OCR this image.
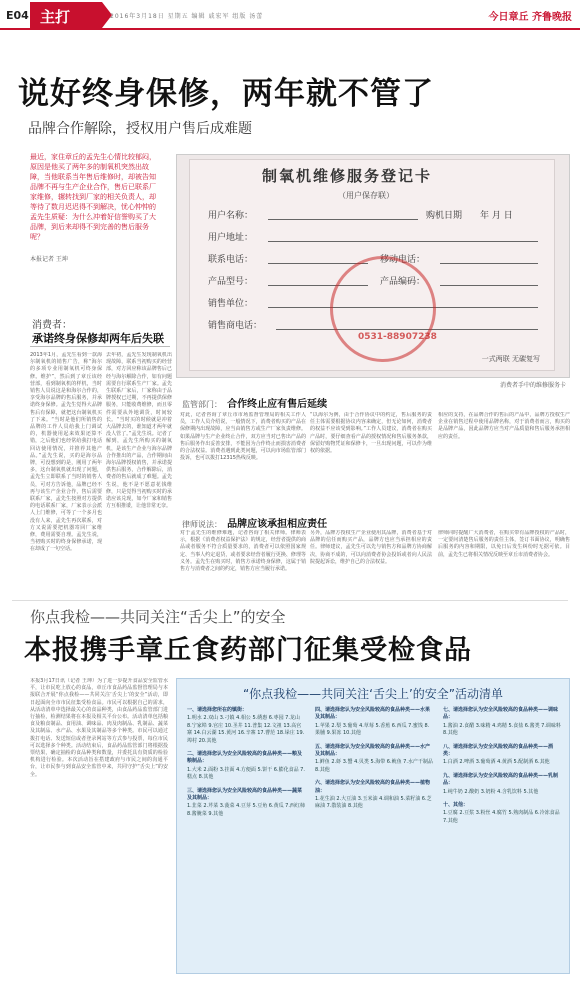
E04 主打	2016年3月18日 星期五 编辑 戚宏军 组版 汤蕾	今日章丘 齐鲁晚报
说好终身保修，两年就不管了
品牌合作解除，授权用户售后成难题
最近，家住章丘的孟先生心情比较郁闷，原因是他买了两年多的制氧机突然出故障，当他联系当年售后维修时，却被告知品牌不再与生产企业合作，售后已联系厂家维修，辗转找到厂家的相关负责人，却等待了数月迟迟得不到解决，忧心忡忡的孟先生质疑：为什么冲着好信誉购买了大品牌，到后来却得不到完善的售后服务呢？
本报记者 王坤
消费者：
承诺终身保修却两年后失联
2013年1月，孟先生看到一款海尔制氧机的销售广告，称“海尔的多项专业用制氧机可终身保修。维护”，然后到了章丘该经营部，看到制氧机的样机，当时销售人员说这是和海尔合作的，享受海尔品牌的售后服务，并承诺终身保修。孟先生觉得大品牌售后有保障，就把这台制氧机买了下来。“当时是他们所销售的品牌的工作人员给我上门调试的，机器使用起来效果还算不错，之后他们也经常给我打电话回访使用情况，并推荐其他产品。”孟先生说，买的是海尔品牌，可没想到的是，刚用了两年多，这台制氧机就出现了问题，孟先生立即联系了当时的销售人员，可对方告诉他，品牌已经不再与该生产企业合作，售后需要联系厂家，孟先生按照对方提供的电话联系厂家，厂家表示会派人上门维修，可等了一个多月也没有人来，孟先生再次联系，对方又说需要把机器寄回厂家维修，费用需要自理。孟先生说，当初购买时的终身保修承诺，现在却成了一句空话。
去年初，孟先生发现制氧机出现故障，联系当初购买的经营部，对方回应称该品牌售后已经与海尔解除合作，如有问题需要自行联系生产厂家。孟先生联系厂家后，厂家称由于品牌授权已过期，不再提供保修服务，只能收费维修，而且零件需要从外地调货，时间较长。“当时买的时候就是冲着大品牌去的，谁知道才两年就没人管了。”孟先生说。记者了解到，孟先生所购买的制氧机，是该生产企业与海尔品牌合作推出的产品，合作期间由海尔品牌授权销售，并承诺提供售后服务，合作解除后，消费者的售后就成了难题。孟先生说，他不是不愿意花钱维修，只是觉得当初购买时的承诺应该兑现，如今厂家和销售方互相推诿，让他非常无奈。
制氧机维修服务登记卡
（用户保存联）
用户名称：	购机日期 年 月 日
用户地址：
联系电话：	移动电话：
产品型号：	产品编码：
销售单位：
销售商电话：
0531-88907238
一式两联 无碳复写
消费者手中的维修服务卡
监管部门： 合作终止应有售后延续
对此，记者咨询了章丘市市场监督管理局的相关工作人员，工作人员介绍说，一般情况下，消费者购买的产品在保修期内出现故障，应当由销售方或生产厂家负责维修。如果品牌与生产企业终止合作，双方应当对已售出产品的售后服务作出妥善安排，不能因为合作终止而损害消费者的合法权益。消费者遇到此类问题，可以向市场监管部门投诉，也可以拨打12315热线反映。
“以海尔为例，由于合作协议中的约定，售后服务的责任主体需要根据协议内容来确定，但无论如何，消费者的权益不应该受到影响。”工作人员建议，消费者在购买产品时，要仔细查看产品的授权情况和售后服务条款，保留好购物凭证和保修卡，一旦出现问题，可以作为维权的依据。
相应的支持，在品牌合作的售后的产品中，品牌方授权生产企业在销售过程中使用品牌名称，对于消费者而言，购买的是品牌产品，因此品牌方应当对产品质量和售后服务承担相应的责任。
律师说法： 品牌应该承担相应责任
对于孟先生的维修难题，记者咨询了相关律师。律师表示，根据《消费者权益保护法》的规定，经营者提供的商品或者服务不符合质量要求的，消费者可以依照国家规定、当事人约定退货，或者要求经营者履行更换、修理等义务。孟先生在购买时，销售方承诺终身保修，这属于销售方与消费者之间的约定，销售方应当履行承诺。
另外，品牌方授权生产企业使用其品牌，消费者基于对品牌的信任而购买产品，品牌方也应当承担相应的责任。律师建议，孟先生可以先与销售方和品牌方协商解决，协商不成的，可以向消费者协会投诉或者向人民法院提起诉讼，维护自己的合法权益。
律师同时提醒广大消费者，在购买带有品牌授权的产品时，一定要问清楚售后服务的责任主体，签订书面协议，明确售后服务的内容和期限，以免日后发生纠纷时无据可依。目前，孟先生已将相关情况反映至章丘市消费者协会。
你点我检——共同关注“舌尖上”的安全
本报携手章丘食药部门征集受检食品
本报3月17日讯（记者 王坤）为了进一步提升食品安全监管水平，让市民吃上放心的食品，章丘市食品药品监督管理局与本报联合开展“你点我检——共同关注‘舌尖上’的安全”活动，即日起面向全市市民征集受检食品。市民可以根据自己的需求，从活动清单中选择最关心的食品种类，由食品药品监管部门进行抽检，检测结果将在本报及相关平台公布。活动清单包括粮食及粮食制品、食用油、调味品、肉及肉制品、乳制品、蔬菜及其制品、水产品、水果及其制品等多个种类。市民可以通过拨打电话、发送短信或者登录网站等方式参与投票，每位市民可以选择多个种类。活动结束后，食品药品监管部门将根据投票结果，确定抽检的食品种类和数量，并委托具有资质的检验机构进行检验。本次活动旨在搭建政府与市民之间的沟通平台，让市民参与到食品安全监管中来，共同守护“舌尖上”的安全。
“你点我检——共同关注‘舌尖上’的安全”活动清单
一、请选择您所在的镇街：
1.明水 2.双山 3.刁镇 4.相公 5.绣惠 6.枣园 7.龙山 8.宁家埠 9.官庄 10.圣井 11.普集 12.文祖 13.高官寨 14.白云湖 15.黄河 16.辛寨 17.曹范 18.垛庄 19.埠村 20.其他
二、请选择您认为安全风险较高的食品种类——粮及粮制品：
1.大米 2.面粉 3.挂面 4.方便面 5.饼干 6.膨化食品 7.糕点 8.其他
三、请选择您认为安全风险较高的食品种类——蔬菜及其制品：
1.韭菜 2.芹菜 3.菠菜 4.豆芽 5.豆角 6.黄瓜 7.西红柿 8.酱腌菜 9.其他
四、请选择您认为安全风险较高的食品种类——水果及其制品：
1.苹果 2.梨 3.葡萄 4.草莓 5.香蕉 6.西瓜 7.蜜饯 8.果脯 9.果冻 10.其他
五、请选择您认为安全风险较高的食品种类——水产及其制品：
1.鲜鱼 2.虾 3.蟹 4.贝类 5.海带 6.鱿鱼 7.水产干制品 8.其他
六、请选择您认为安全风险较高的食品种类——植物油：
1.花生油 2.大豆油 3.玉米油 4.调和油 5.菜籽油 6.芝麻油 7.散装油 8.其他
七、请选择您认为安全风险较高的食品种类——调味品：
1.酱油 2.食醋 3.味精 4.鸡精 5.食盐 6.酱类 7.调味料 8.其他
八、请选择您认为安全风险较高的食品种类——酒类：
1.白酒 2.啤酒 3.葡萄酒 4.黄酒 5.配制酒 6.其他
九、请选择您认为安全风险较高的食品种类——乳制品：
1.纯牛奶 2.酸奶 3.奶粉 4.含乳饮料 5.其他
十、其他：
1.豆腐 2.豆浆 3.粉丝 4.腐竹 5.熟肉制品 6.冷冻食品 7.其他
